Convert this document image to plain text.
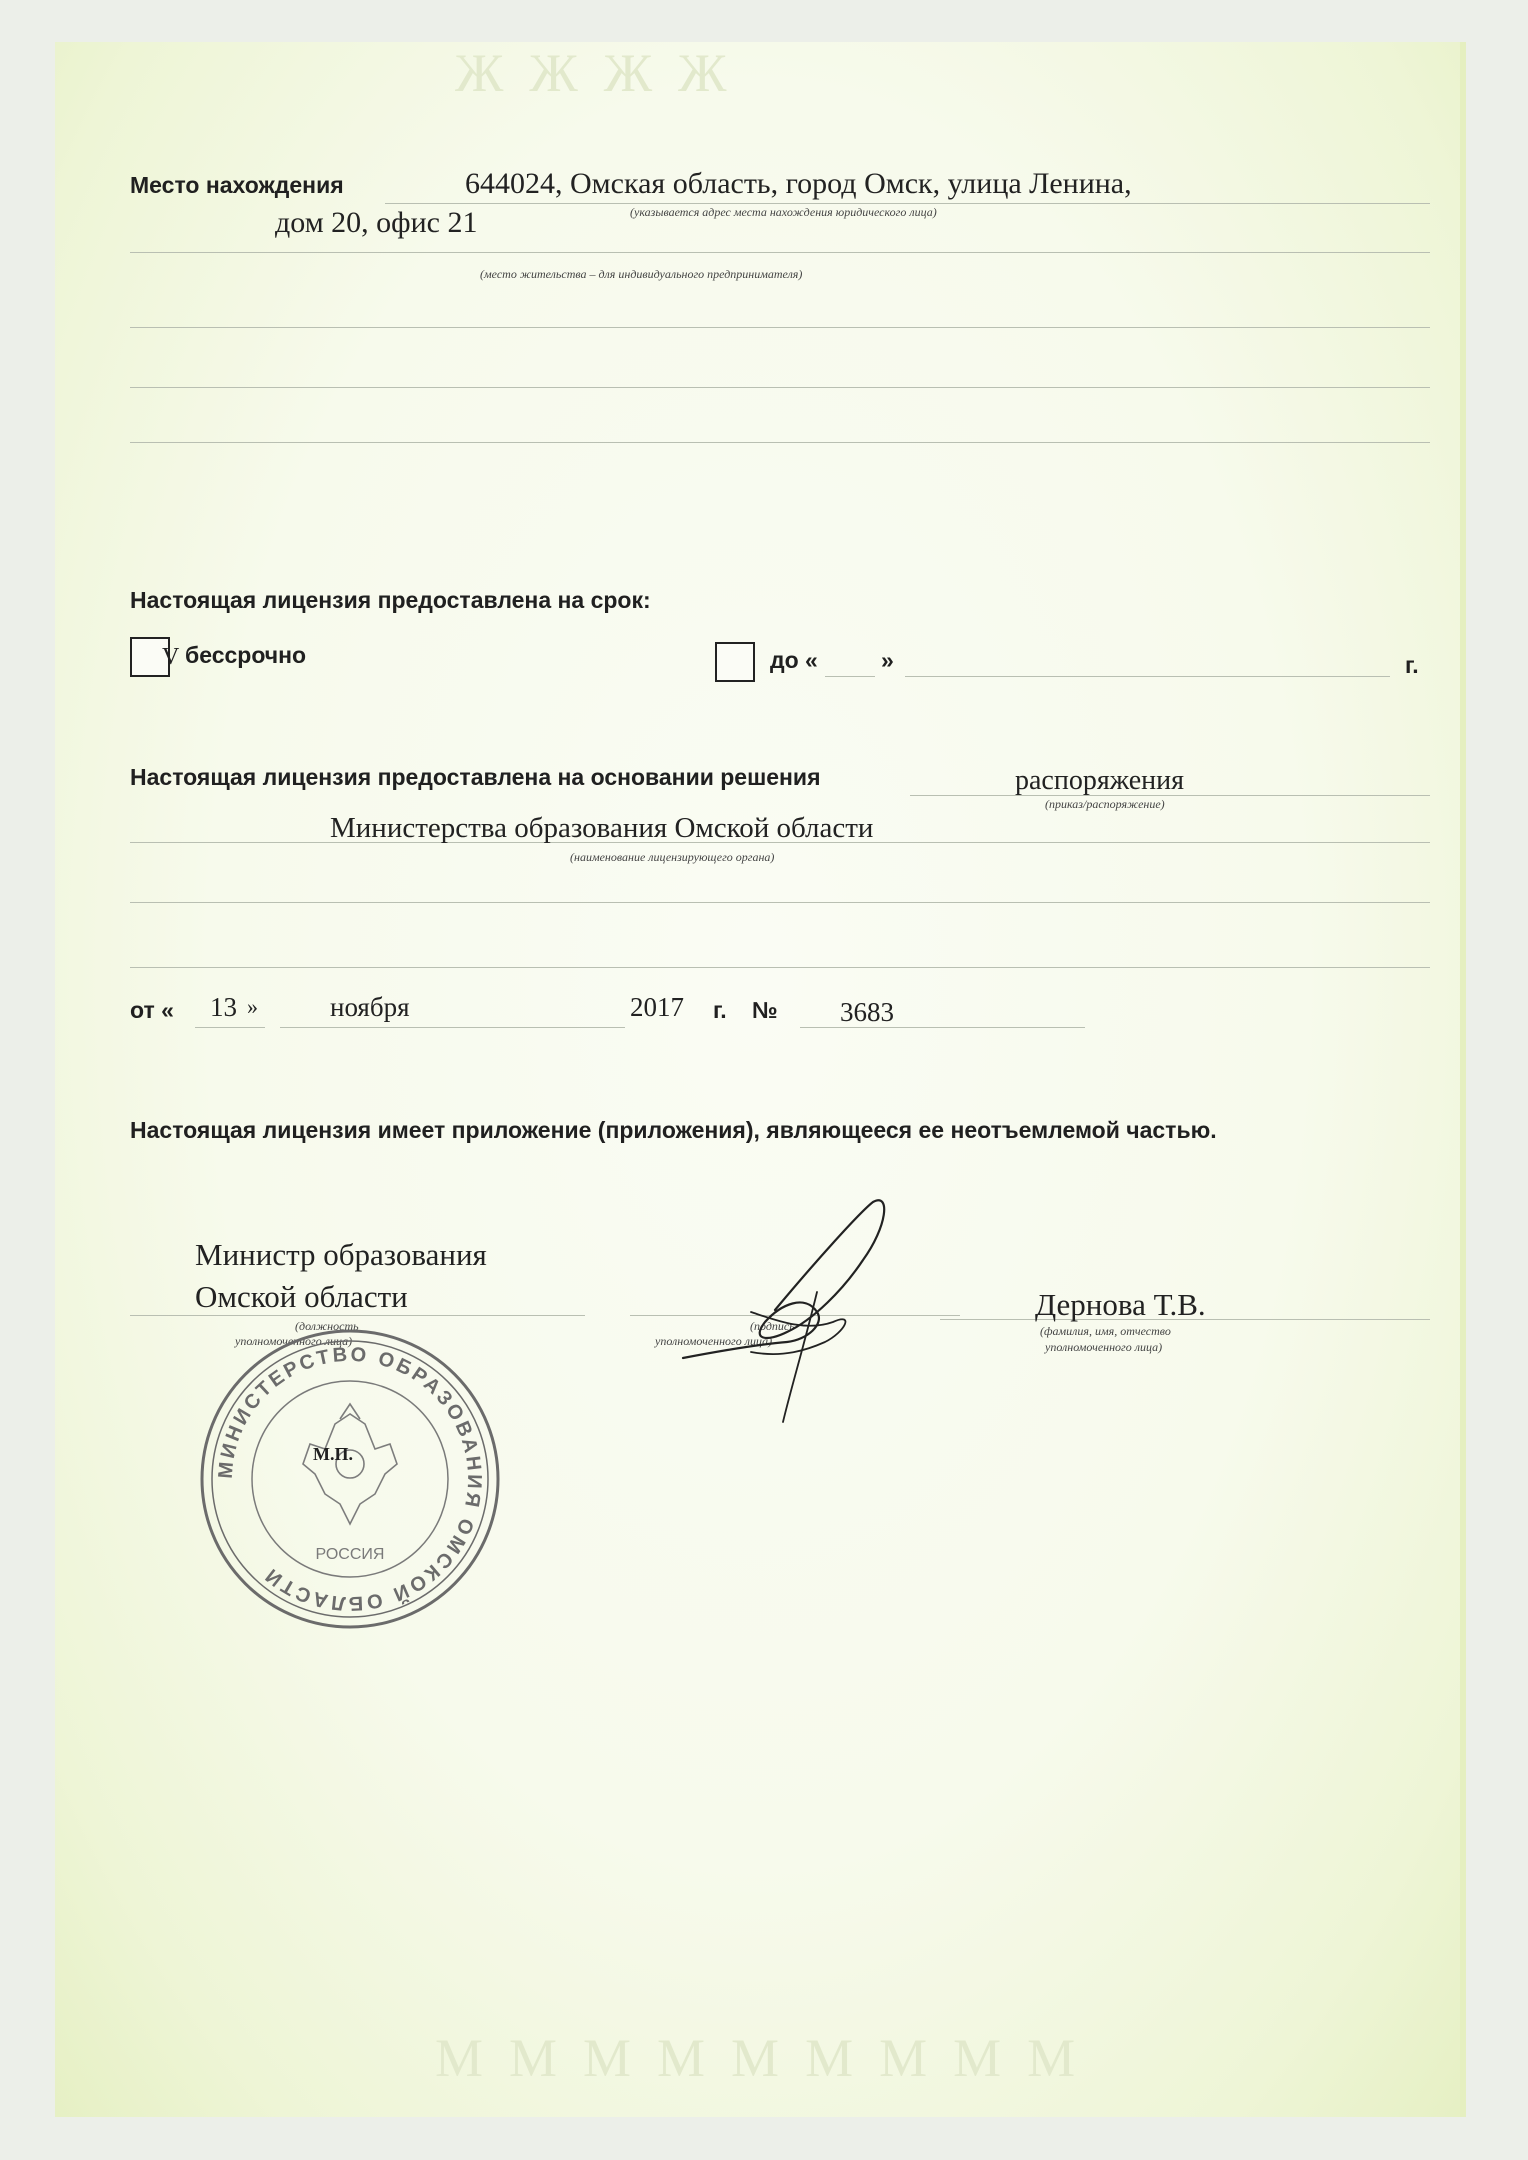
ЖЖЖЖ
МММММММММ
Место нахождения	644024, Омская область, город Омск, улица Ленина,
(указывается адрес места нахождения юридического лица)
дом 20, офис 21
(место жительства – для индивидуального предпринимателя)
Настоящая лицензия предоставлена на срок:
V бессрочно	до «	»	г.
Настоящая лицензия предоставлена на основании решения	распоряжения
(приказ/распоряжение)
Министерства образования Омской области
(наименование лицензирующего органа)
от « 13 »	ноября	2017 г. № 3683
Настоящая лицензия имеет приложение (приложения), являющееся ее неотъемлемой частью.
Министр образования
Омской области
(должность
уполномоченного лица)
(подпись
уполномоченного лица)
Дернова Т.В.
(фамилия, имя, отчество
уполномоченного лица)
МИНИСТЕРСТВО ОБРАЗОВАНИЯ ОМСКОЙ ОБЛАСТИ
РОССИЯ
М.П.
